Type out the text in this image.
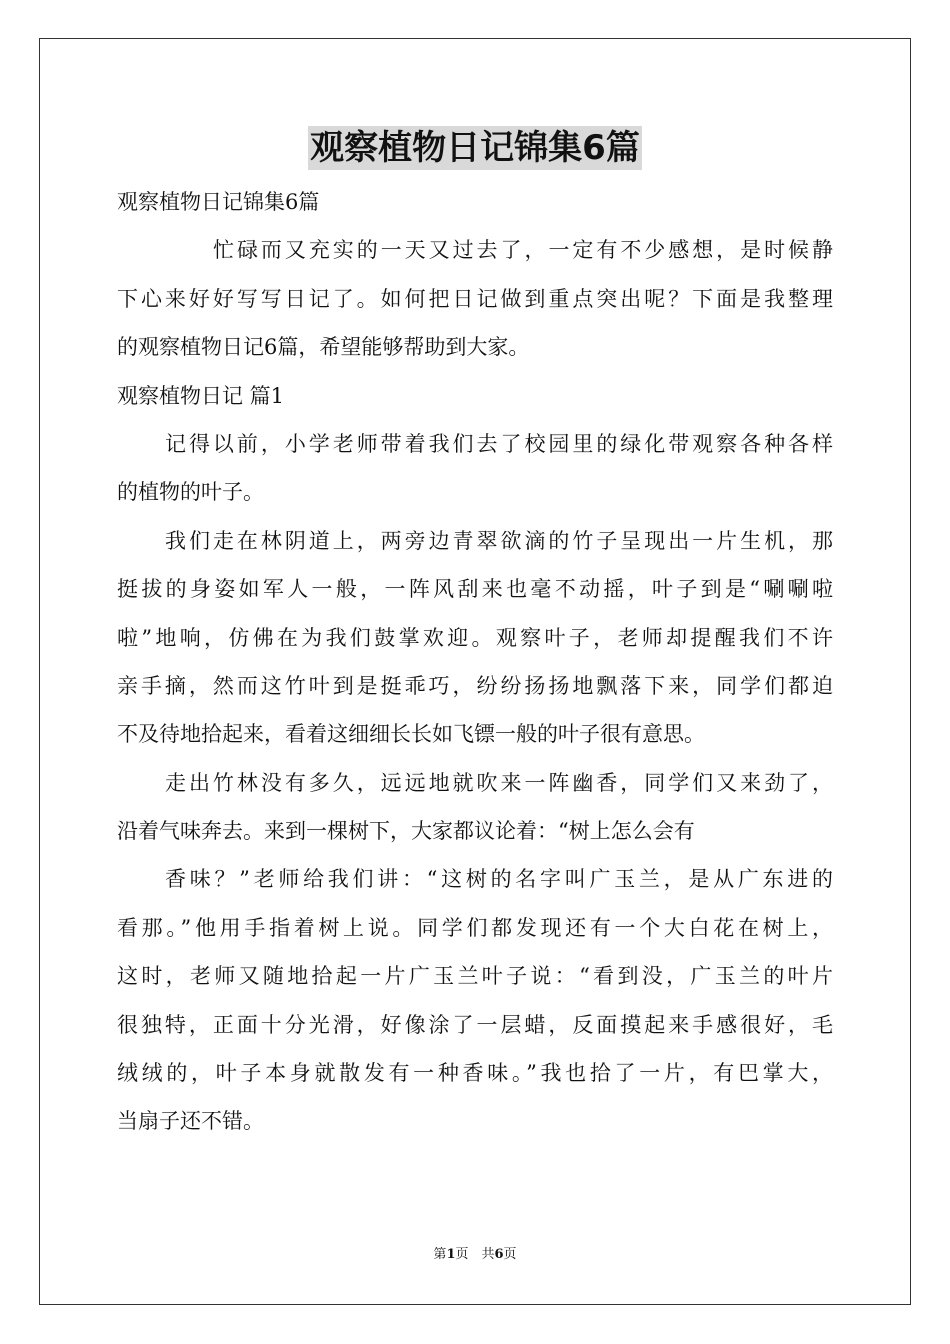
观察植物日记锦集6篇
观察植物日记锦集6篇
忙碌而又充实的一天又过去了，一定有不少感想，是时候静
下心来好好写写日记了。如何把日记做到重点突出呢？下面是我整理
的观察植物日记6篇，希望能够帮助到大家。
观察植物日记 篇1
记得以前，小学老师带着我们去了校园里的绿化带观察各种各样
的植物的叶子。
我们走在林阴道上，两旁边青翠欲滴的竹子呈现出一片生机，那
挺拔的身姿如军人一般，一阵风刮来也毫不动摇，叶子到是“唰唰啦
啦”地响，仿佛在为我们鼓掌欢迎。观察叶子，老师却提醒我们不许
亲手摘，然而这竹叶到是挺乖巧，纷纷扬扬地飘落下来，同学们都迫
不及待地拾起来，看着这细细长长如飞镖一般的叶子很有意思。
走出竹林没有多久，远远地就吹来一阵幽香，同学们又来劲了，
沿着气味奔去。来到一棵树下，大家都议论着：“树上怎么会有
香味？”老师给我们讲：“这树的名字叫广玉兰，是从广东进的
看那。”他用手指着树上说。同学们都发现还有一个大白花在树上，
这时，老师又随地拾起一片广玉兰叶子说：“看到没，广玉兰的叶片
很独特，正面十分光滑，好像涂了一层蜡，反面摸起来手感很好，毛
绒绒的，叶子本身就散发有一种香味。”我也拾了一片，有巴掌大，
当扇子还不错。
第1页　共6页
